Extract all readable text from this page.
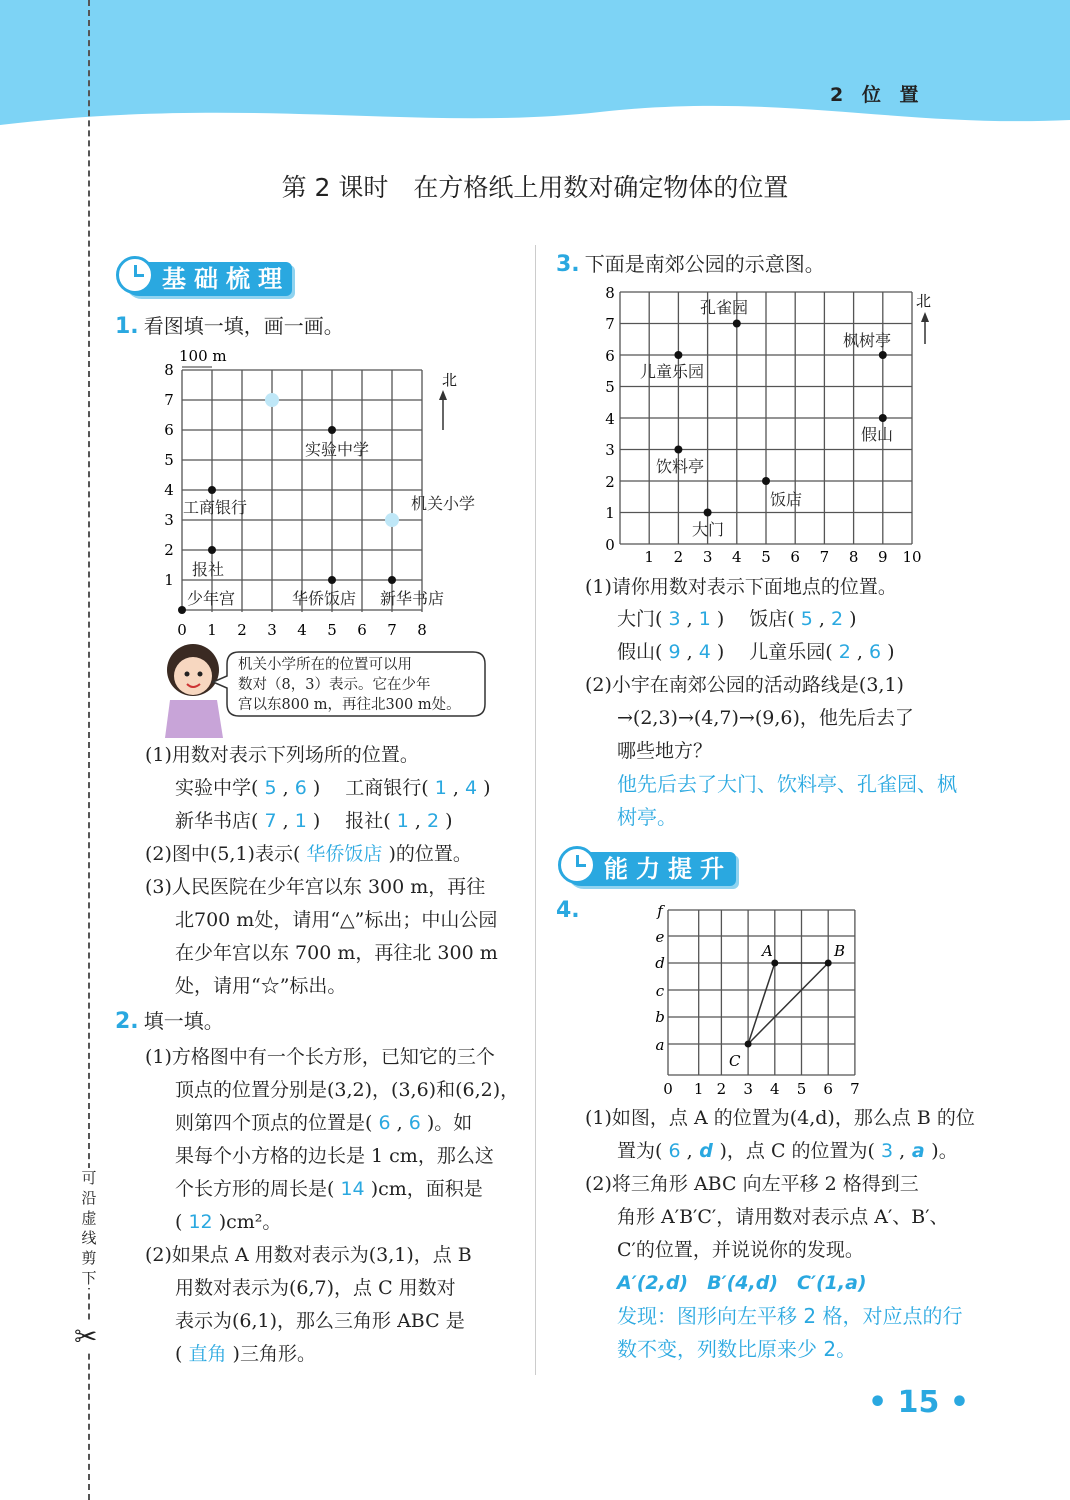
2 位 置
可
沿
虚
线
剪
下
✂
第 2 课时　在方格纸上用数对确定物体的位置
基础梳理
1. 看图填一填，画一画。
100 m
0 1 2 3 4 5 6 7 8
1
2
3
4
5
6
7
8
北
实验中学
工商银行	机关小学
报社
少年宫	华侨饭店 新华书店
机关小学所在的位置可以用
数对（8，3）表示。它在少年
宫以东800 m，再往北300 m处。
(1)用数对表示下列场所的位置。
实验中学( 5 , 6 )  工商银行( 1 , 4 )
新华书店( 7 , 1 )  报社( 1 , 2 )
(2)图中(5,1)表示( 华侨饭店 )的位置。
(3)人民医院在少年宫以东 300 m，再往
北700 m处，请用“△”标出；中山公园
在少年宫以东 700 m，再往北 300 m
处，请用“☆”标出。
2. 填一填。
(1)方格图中有一个长方形，已知它的三个
顶点的位置分别是(3,2)，(3,6)和(6,2)，
则第四个顶点的位置是( 6 , 6 )。如
果每个小方格的边长是 1 cm，那么这
个长方形的周长是( 14 )cm，面积是
( 12 )cm²。
(2)如果点 A 用数对表示为(3,1)，点 B
用数对表示为(6,7)，点 C 用数对
表示为(6,1)，那么三角形 ABC 是
( 直角 )三角形。
3. 下面是南郊公园的示意图。
1 2 3 4 5 6 7 8 9 10
0
1
2
3
4
5
6
7
8	北
孔雀园
枫树亭
儿童乐园
假山
饮料亭
饭店
大门
(1)请你用数对表示下面地点的位置。
大门( 3 , 1 )  饭店( 5 , 2 )
假山( 9 , 4 )  儿童乐园( 2 , 6 )
(2)小宇在南郊公园的活动路线是(3,1)
→(2,3)→(4,7)→(9,6)，他先后去了
哪些地方？
他先后去了大门、饮料亭、孔雀园、枫
树亭。
能力提升
4.
0 1 2 3 4 5 6 7
a
b
c
d
e
f
A	B
C
(1)如图，点 A 的位置为(4,d)，那么点 B 的位
置为( 6 , d )，点 C 的位置为( 3 , a )。
(2)将三角形 ABC 向左平移 2 格得到三
角形 A′B′C′，请用数对表示点 A′、B′、
C′的位置，并说说你的发现。
A′(2,d)　B′(4,d)　C′(1,a)
发现：图形向左平移 2 格，对应点的行
数不变，列数比原来少 2。
• 15 •
